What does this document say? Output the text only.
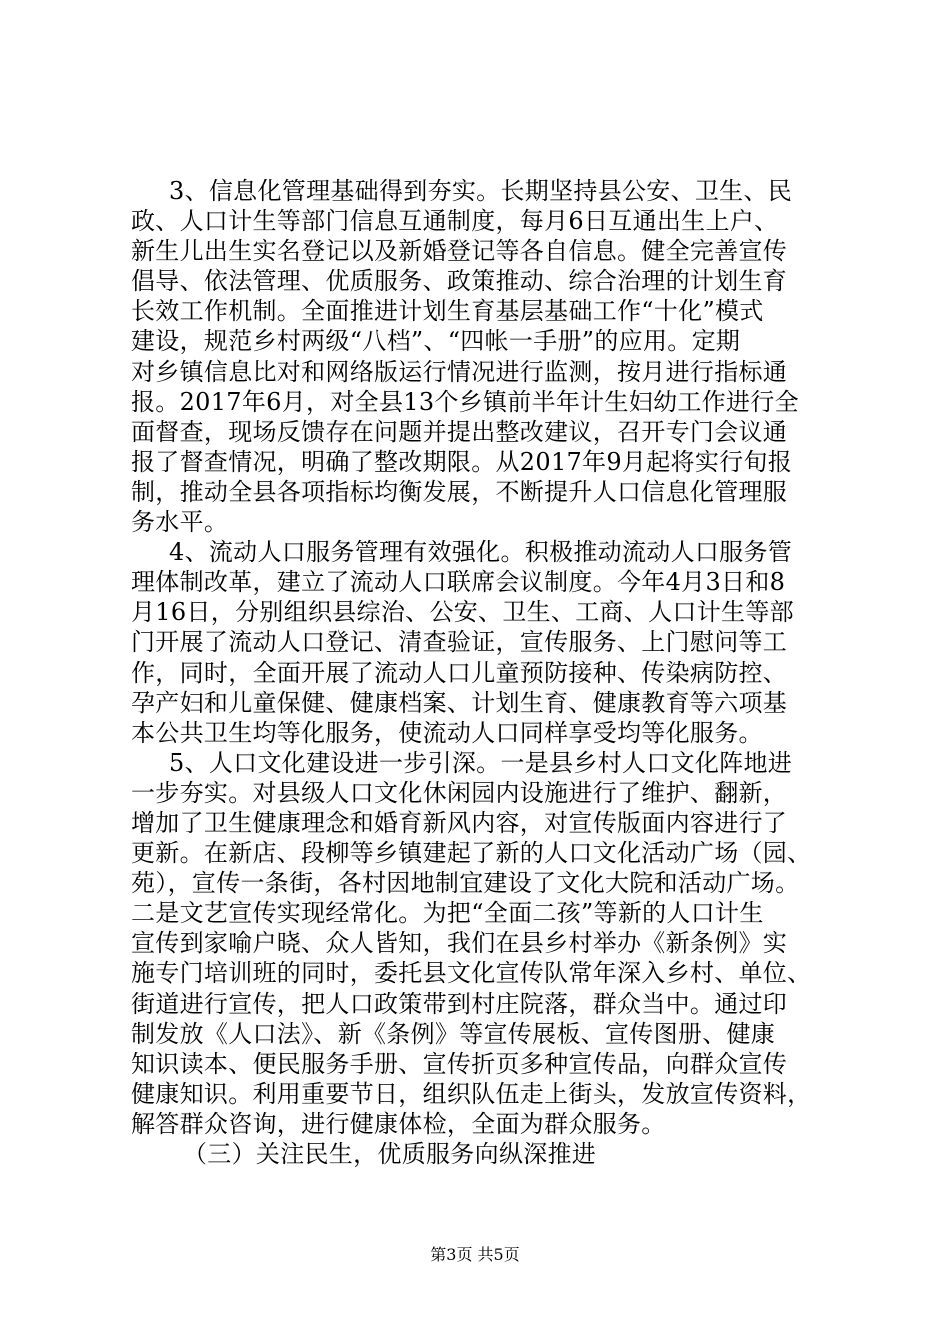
3、信息化管理基础得到夯实。长期坚持县公安、卫生、民
政、人口计生等部门信息互通制度，每月6日互通出生上户、
新生儿出生实名登记以及新婚登记等各自信息。健全完善宣传
倡导、依法管理、优质服务、政策推动、综合治理的计划生育
长效工作机制。全面推进计划生育基层基础工作“十化”模式
建设，规范乡村两级“八档”、“四帐一手册”的应用。定期
对乡镇信息比对和网络版运行情况进行监测，按月进行指标通
报。2017年6月，对全县13个乡镇前半年计生妇幼工作进行全
面督查，现场反馈存在问题并提出整改建议，召开专门会议通
报了督查情况，明确了整改期限。从2017年9月起将实行旬报
制，推动全县各项指标均衡发展，不断提升人口信息化管理服
务水平。
4、流动人口服务管理有效强化。积极推动流动人口服务管
理体制改革，建立了流动人口联席会议制度。今年4月3日和8
月16日，分别组织县综治、公安、卫生、工商、人口计生等部
门开展了流动人口登记、清查验证，宣传服务、上门慰问等工
作，同时，全面开展了流动人口儿童预防接种、传染病防控、
孕产妇和儿童保健、健康档案、计划生育、健康教育等六项基
本公共卫生均等化服务，使流动人口同样享受均等化服务。
5、人口文化建设进一步引深。一是县乡村人口文化阵地进
一步夯实。对县级人口文化休闲园内设施进行了维护、翻新，
增加了卫生健康理念和婚育新风内容，对宣传版面内容进行了
更新。在新店、段柳等乡镇建起了新的人口文化活动广场（园、
苑），宣传一条街，各村因地制宜建设了文化大院和活动广场。
二是文艺宣传实现经常化。为把“全面二孩”等新的人口计生
宣传到家喻户晓、众人皆知，我们在县乡村举办《新条例》实
施专门培训班的同时，委托县文化宣传队常年深入乡村、单位、
街道进行宣传，把人口政策带到村庄院落，群众当中。通过印
制发放《人口法》、新《条例》等宣传展板、宣传图册、健康
知识读本、便民服务手册、宣传折页多种宣传品，向群众宣传
健康知识。利用重要节日，组织队伍走上街头，发放宣传资料，
解答群众咨询，进行健康体检，全面为群众服务。
（三）关注民生，优质服务向纵深推进
第3页 共5页
